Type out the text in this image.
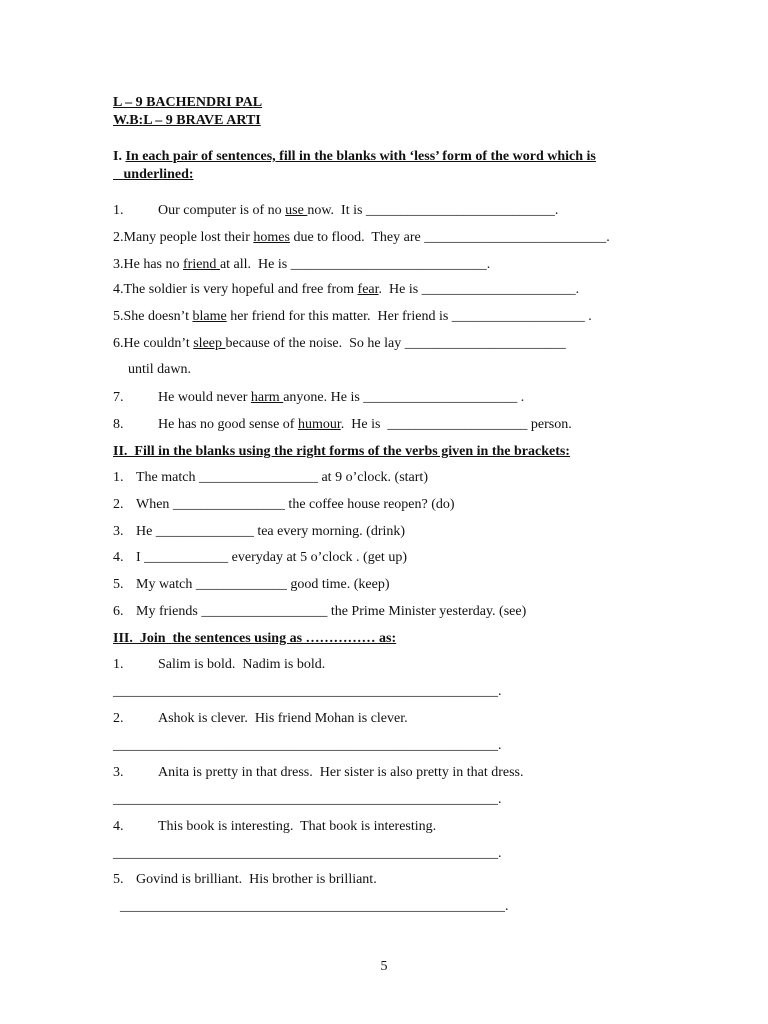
L – 9 BACHENDRI PAL
W.B:L – 9 BRAVE ARTI
I. In each pair of sentences, fill in the blanks with ‘less’ form of the word which is
underlined:
1. Our computer is of no use now.  It is ___________________________.
2.Many people lost their homes due to flood.  They are __________________________.
3.He has no friend at all.  He is ____________________________.
4.The soldier is very hopeful and free from fear.  He is ______________________.
5.She doesn’t blame her friend for this matter.  Her friend is ___________________ .
6.He couldn’t sleep because of the noise.  So he lay _______________________
until dawn.
7. He would never harm anyone. He is ______________________ .
8. He has no good sense of humour.  He is  ____________________ person.
II.  Fill in the blanks using the right forms of the verbs given in the brackets:
1. The match _________________ at 9 o’clock. (start)
2. When ________________ the coffee house reopen? (do)
3. He ______________ tea every morning. (drink)
4. I ____________ everyday at 5 o’clock . (get up)
5. My watch _____________ good time. (keep)
6. My friends __________________ the Prime Minister yesterday. (see)
III.  Join  the sentences using as …………… as:
1. Salim is bold.  Nadim is bold.
_______________________________________________________.
2. Ashok is clever.  His friend Mohan is clever.
_______________________________________________________.
3. Anita is pretty in that dress.  Her sister is also pretty in that dress.
_______________________________________________________.
4. This book is interesting.  That book is interesting.
_______________________________________________________.
5. Govind is brilliant.  His brother is brilliant.
_______________________________________________________.
5
